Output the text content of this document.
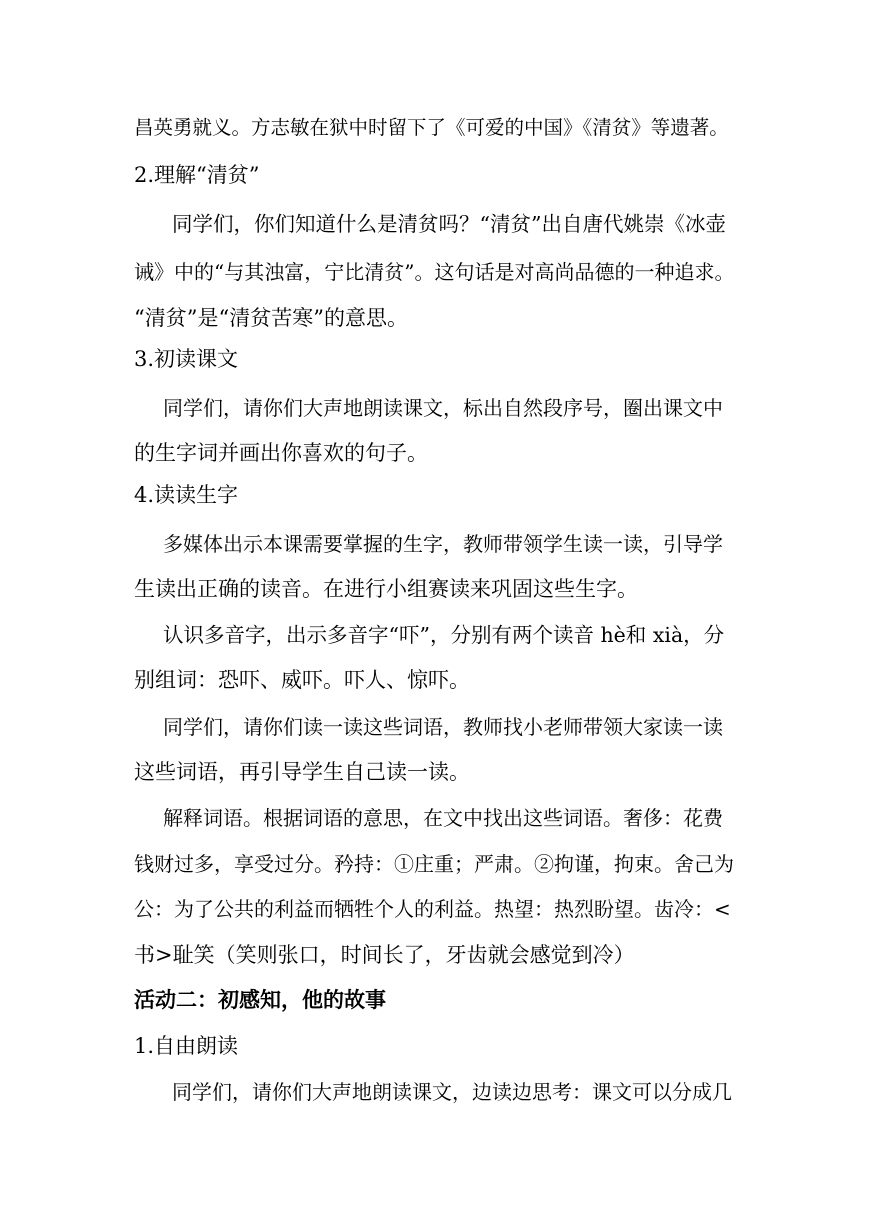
昌英勇就义。方志敏在狱中时留下了《可爱的中国》《清贫》等遗著。
2.理解“清贫”
同学们，你们知道什么是清贫吗？“清贫”出自唐代姚崇《冰壶
诫》中的“与其浊富，宁比清贫”。这句话是对高尚品德的一种追求。
“清贫”是“清贫苦寒”的意思。
3.初读课文
同学们，请你们大声地朗读课文，标出自然段序号，圈出课文中
的生字词并画出你喜欢的句子。
4.读读生字
多媒体出示本课需要掌握的生字，教师带领学生读一读，引导学
生读出正确的读音。在进行小组赛读来巩固这些生字。
认识多音字，出示多音字“吓”，分别有两个读音 hè和 xià，分
别组词：恐吓、威吓。吓人、惊吓。
同学们，请你们读一读这些词语，教师找小老师带领大家读一读
这些词语，再引导学生自己读一读。
解释词语。根据词语的意思，在文中找出这些词语。奢侈：花费
钱财过多，享受过分。矜持：①庄重；严肃。②拘谨，拘束。舍己为
公：为了公共的利益而牺牲个人的利益。热望：热烈盼望。齿冷：<
书>耻笑（笑则张口，时间长了，牙齿就会感觉到冷）
活动二：初感知，他的故事
1.自由朗读
同学们，请你们大声地朗读课文，边读边思考：课文可以分成几
